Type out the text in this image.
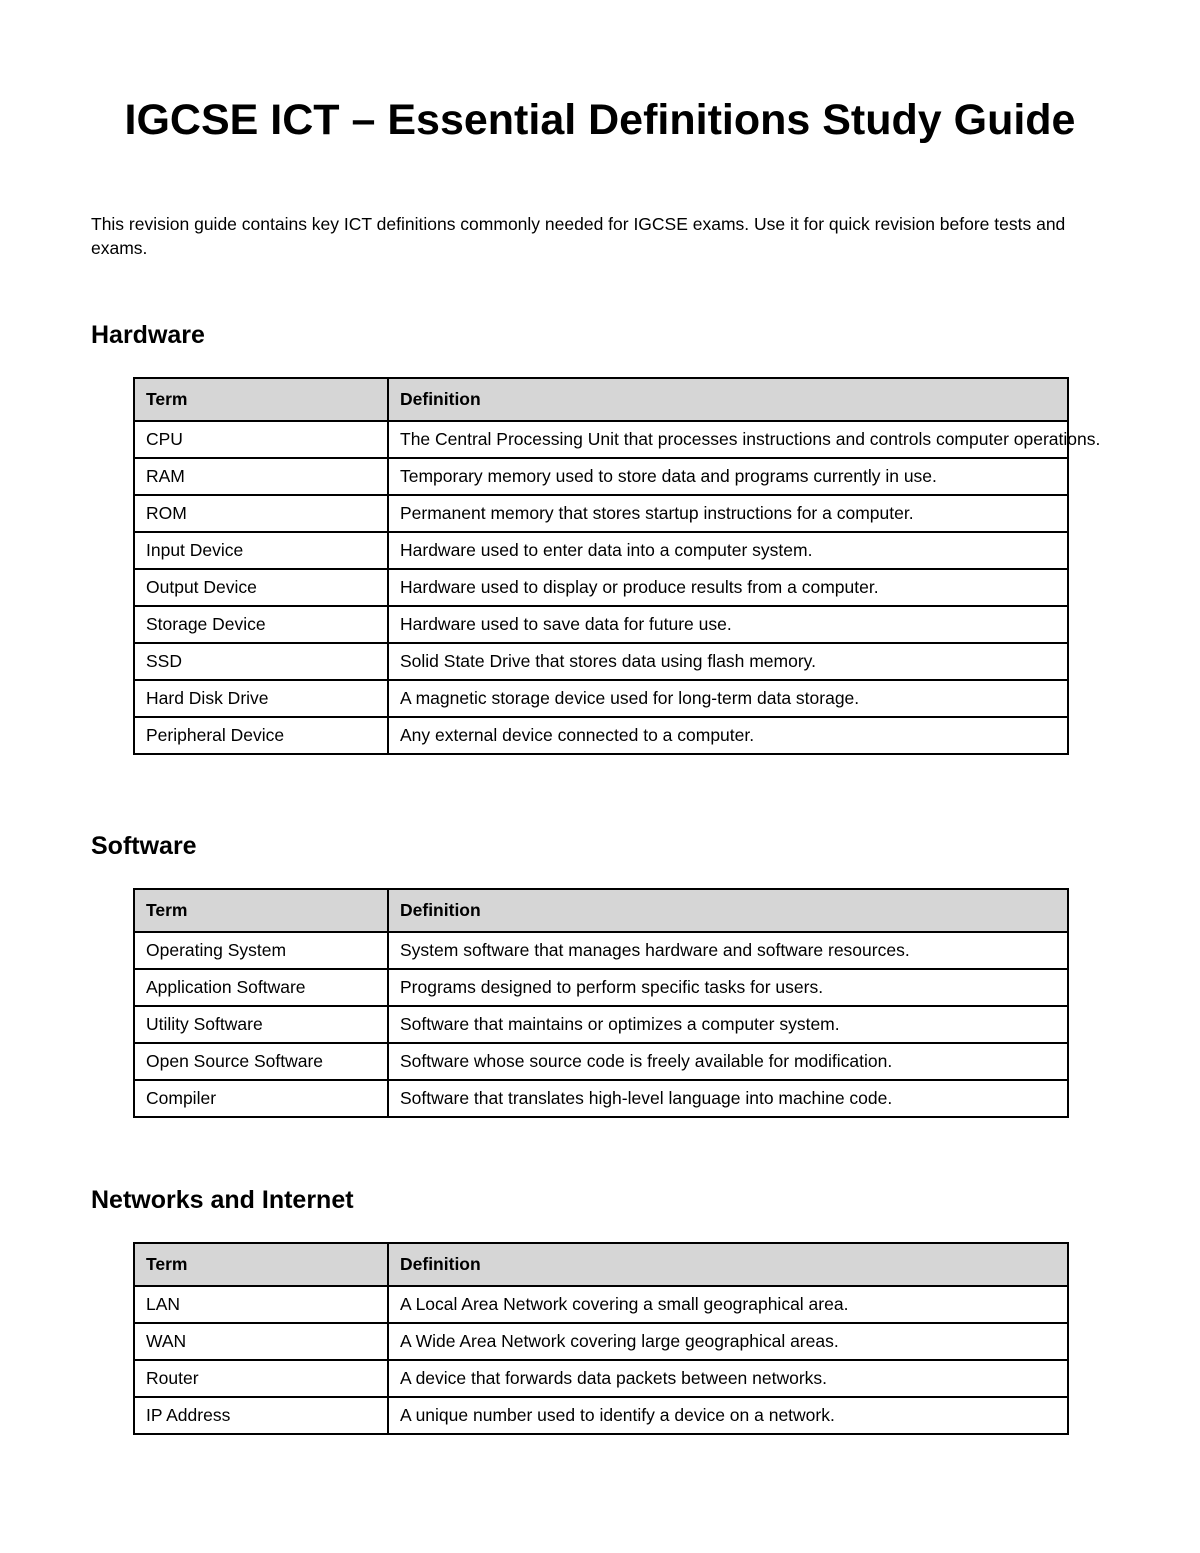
IGCSE ICT – Essential Definitions Study Guide

This revision guide contains key ICT definitions commonly needed for IGCSE exams. Use it for quick revision before tests and exams.

Hardware
Term	Definition
CPU	The Central Processing Unit that processes instructions and controls computer operations.
RAM	Temporary memory used to store data and programs currently in use.
ROM	Permanent memory that stores startup instructions for a computer.
Input Device	Hardware used to enter data into a computer system.
Output Device	Hardware used to display or produce results from a computer.
Storage Device	Hardware used to save data for future use.
SSD	Solid State Drive that stores data using flash memory.
Hard Disk Drive	A magnetic storage device used for long-term data storage.
Peripheral Device	Any external device connected to a computer.
Software
Term	Definition
Operating System	System software that manages hardware and software resources.
Application Software	Programs designed to perform specific tasks for users.
Utility Software	Software that maintains or optimizes a computer system.
Open Source Software	Software whose source code is freely available for modification.
Compiler	Software that translates high-level language into machine code.
Networks and Internet
Term	Definition
LAN	A Local Area Network covering a small geographical area.
WAN	A Wide Area Network covering large geographical areas.
Router	A device that forwards data packets between networks.
IP Address	A unique number used to identify a device on a network.
